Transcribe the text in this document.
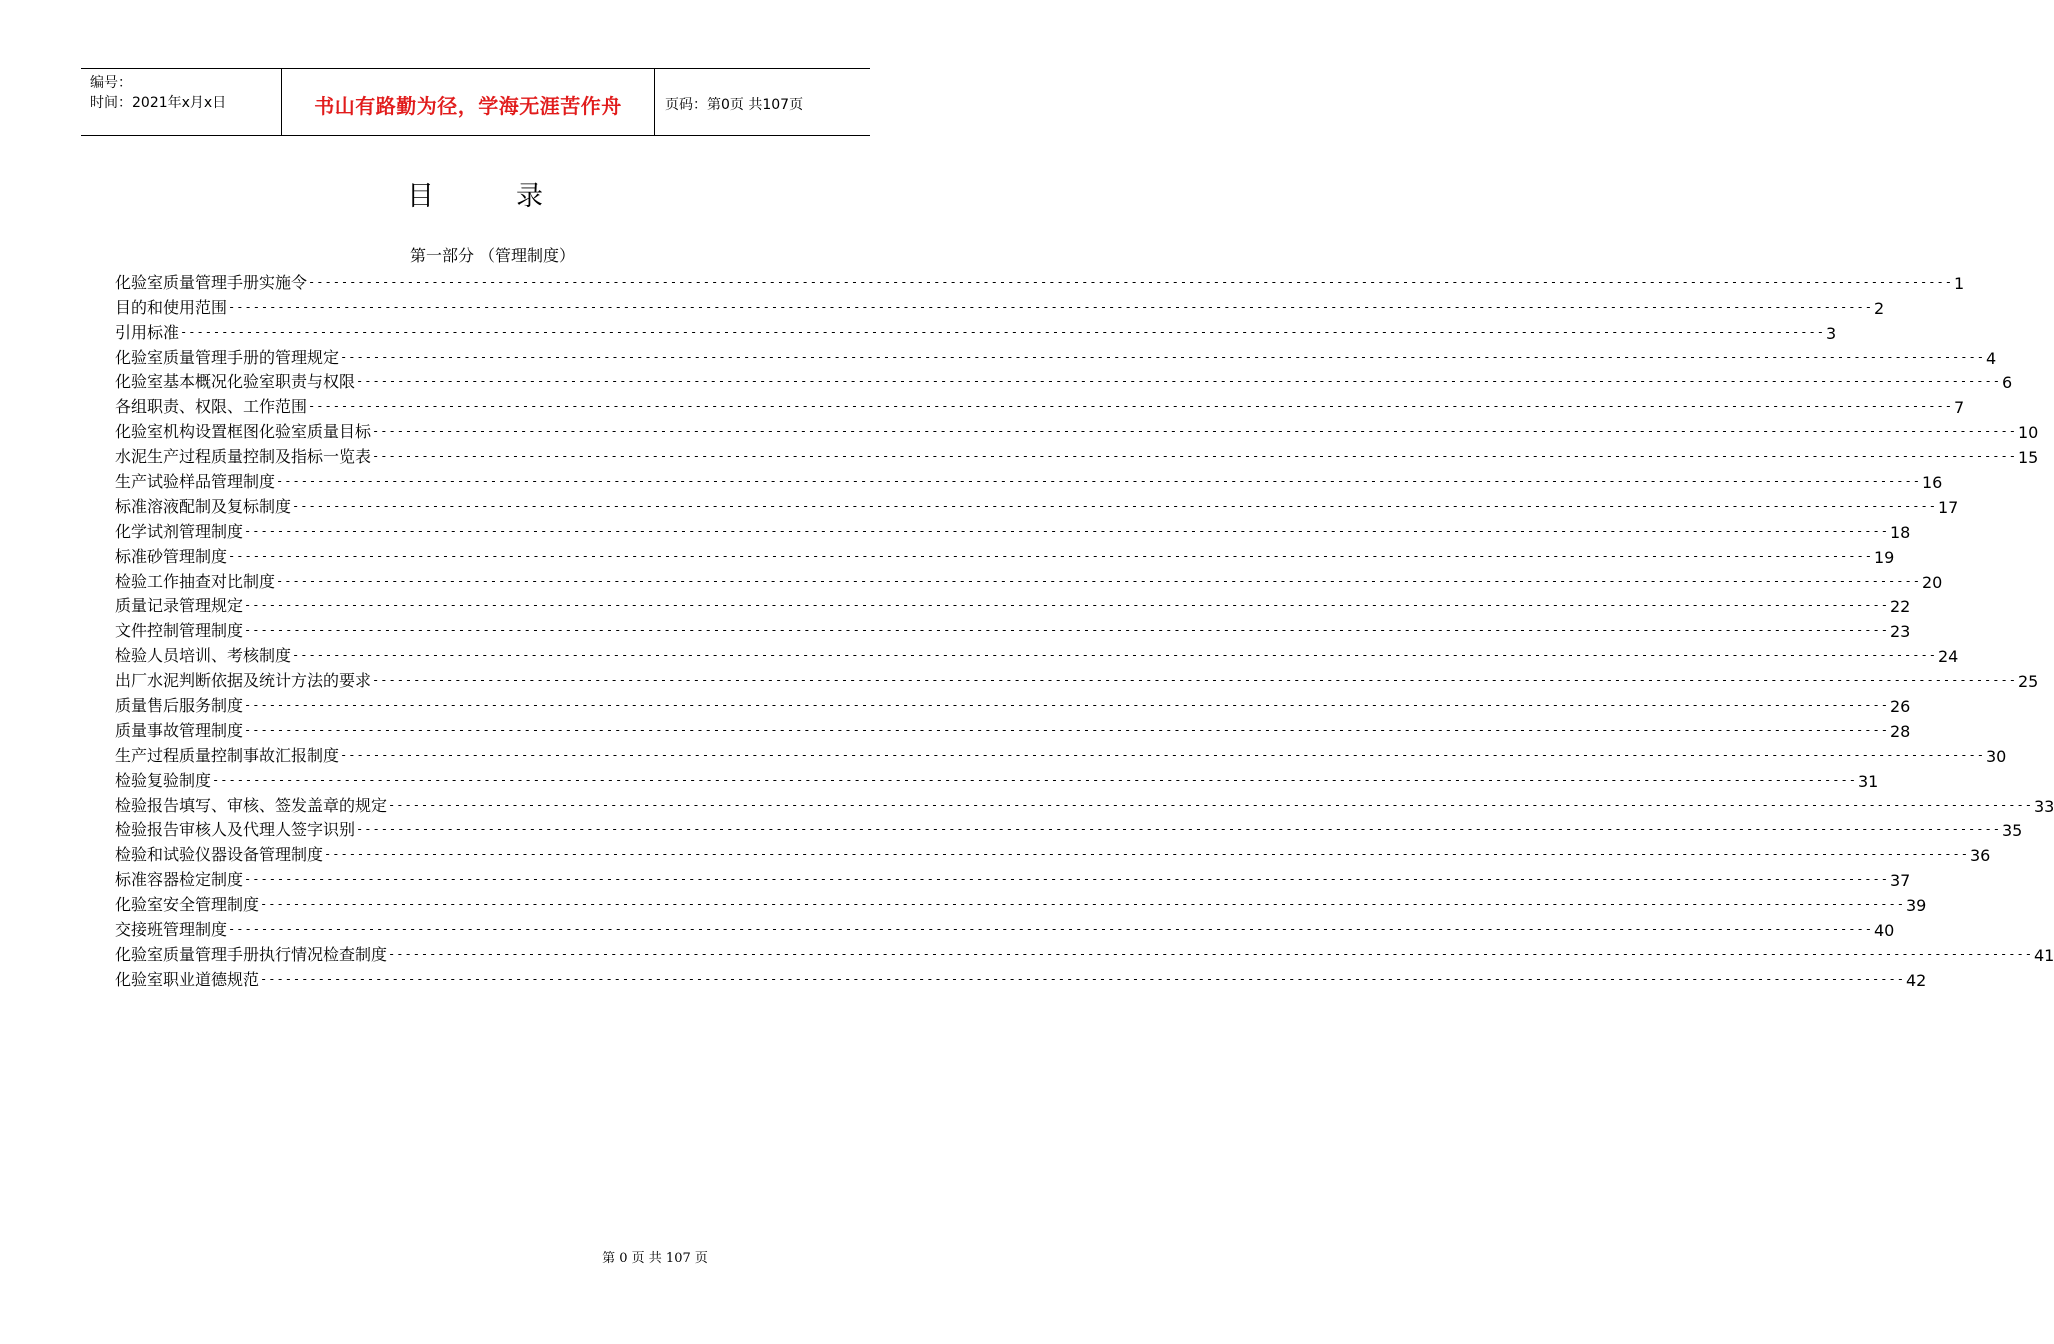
编号：
时间：2021年x月x日	书山有路勤为径，学海无涯苦作舟	页码：第0页 共107页
目录
第一部分 （管理制度）
化验室质量管理手册实施令 -------------------------------------------------------------------------------------------------------------------------------------------------------------------------------------------------------- 1
目的和使用范围 -------------------------------------------------------------------------------------------------------------------------------------------------------------------------------------------------------- 2
引用标准 -------------------------------------------------------------------------------------------------------------------------------------------------------------------------------------------------------- 3
化验室质量管理手册的管理规定 -------------------------------------------------------------------------------------------------------------------------------------------------------------------------------------------------------- 4
化验室基本概况化验室职责与权限 -------------------------------------------------------------------------------------------------------------------------------------------------------------------------------------------------------- 6
各组职责、权限、工作范围 -------------------------------------------------------------------------------------------------------------------------------------------------------------------------------------------------------- 7
化验室机构设置框图化验室质量目标 -------------------------------------------------------------------------------------------------------------------------------------------------------------------------------------------------------- 10
水泥生产过程质量控制及指标一览表 -------------------------------------------------------------------------------------------------------------------------------------------------------------------------------------------------------- 15
生产试验样品管理制度 -------------------------------------------------------------------------------------------------------------------------------------------------------------------------------------------------------- 16
标准溶液配制及复标制度 -------------------------------------------------------------------------------------------------------------------------------------------------------------------------------------------------------- 17
化学试剂管理制度 -------------------------------------------------------------------------------------------------------------------------------------------------------------------------------------------------------- 18
标准砂管理制度 -------------------------------------------------------------------------------------------------------------------------------------------------------------------------------------------------------- 19
检验工作抽查对比制度 -------------------------------------------------------------------------------------------------------------------------------------------------------------------------------------------------------- 20
质量记录管理规定 -------------------------------------------------------------------------------------------------------------------------------------------------------------------------------------------------------- 22
文件控制管理制度 -------------------------------------------------------------------------------------------------------------------------------------------------------------------------------------------------------- 23
检验人员培训、考核制度 -------------------------------------------------------------------------------------------------------------------------------------------------------------------------------------------------------- 24
出厂水泥判断依据及统计方法的要求 -------------------------------------------------------------------------------------------------------------------------------------------------------------------------------------------------------- 25
质量售后服务制度 -------------------------------------------------------------------------------------------------------------------------------------------------------------------------------------------------------- 26
质量事故管理制度 -------------------------------------------------------------------------------------------------------------------------------------------------------------------------------------------------------- 28
生产过程质量控制事故汇报制度 -------------------------------------------------------------------------------------------------------------------------------------------------------------------------------------------------------- 30
检验复验制度 -------------------------------------------------------------------------------------------------------------------------------------------------------------------------------------------------------- 31
检验报告填写、审核、签发盖章的规定 -------------------------------------------------------------------------------------------------------------------------------------------------------------------------------------------------------- 33
检验报告审核人及代理人签字识别 -------------------------------------------------------------------------------------------------------------------------------------------------------------------------------------------------------- 35
检验和试验仪器设备管理制度 -------------------------------------------------------------------------------------------------------------------------------------------------------------------------------------------------------- 36
标准容器检定制度 -------------------------------------------------------------------------------------------------------------------------------------------------------------------------------------------------------- 37
化验室安全管理制度 -------------------------------------------------------------------------------------------------------------------------------------------------------------------------------------------------------- 39
交接班管理制度 -------------------------------------------------------------------------------------------------------------------------------------------------------------------------------------------------------- 40
化验室质量管理手册执行情况检查制度 -------------------------------------------------------------------------------------------------------------------------------------------------------------------------------------------------------- 41
化验室职业道德规范 -------------------------------------------------------------------------------------------------------------------------------------------------------------------------------------------------------- 42
第 0 页 共 107 页
